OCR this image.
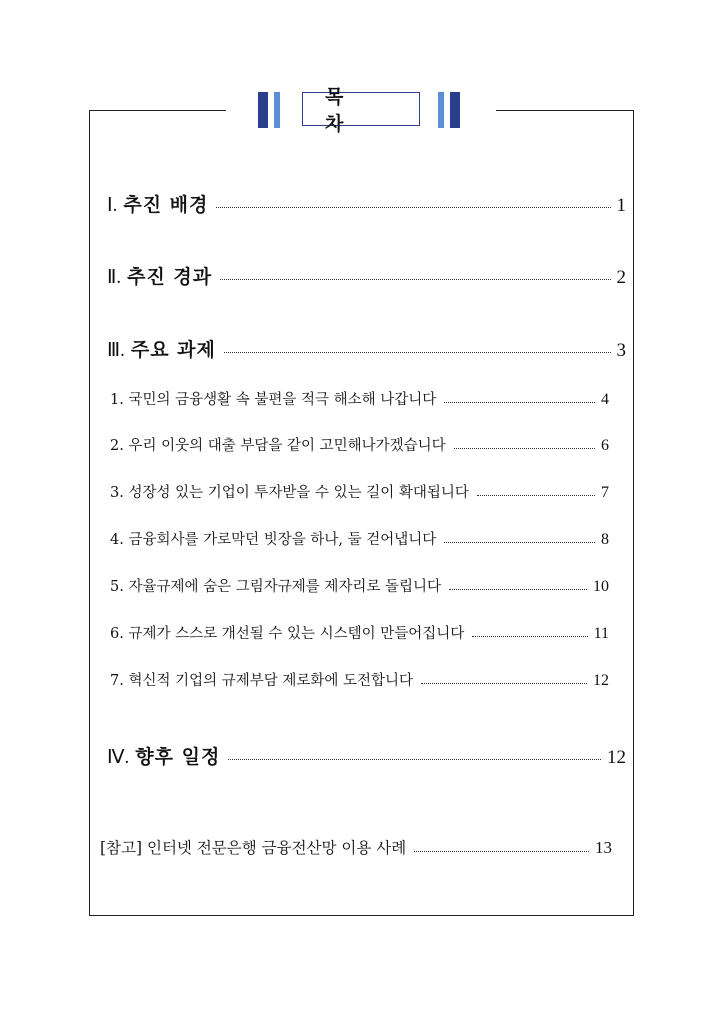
목 차
Ⅰ. 추진 배경	1
Ⅱ. 추진 경과	2
Ⅲ. 주요 과제	3
1. 국민의 금융생활 속 불편을 적극 해소해 나갑니다	4
2. 우리 이웃의 대출 부담을 같이 고민해나가겠습니다	6
3. 성장성 있는 기업이 투자받을 수 있는 길이 확대됩니다	7
4. 금융회사를 가로막던 빗장을 하나, 둘 걷어냅니다	8
5. 자율규제에 숨은 그림자규제를 제자리로 돌립니다	10
6. 규제가 스스로 개선될 수 있는 시스템이 만들어집니다	11
7. 혁신적 기업의 규제부담 제로화에 도전합니다	12
Ⅳ. 향후 일정	12
[참고] 인터넷 전문은행 금융전산망 이용 사례	13
